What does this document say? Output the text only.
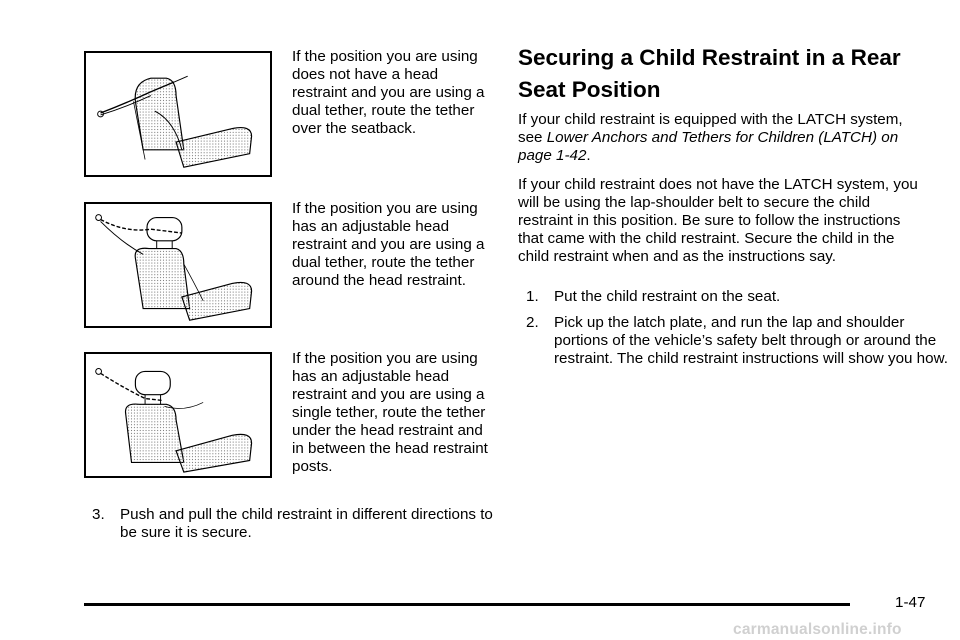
If the position you are using does not have a head restraint and you are using a dual tether, route the tether over the seatback.
If the position you are using has an adjustable head restraint and you are using a dual tether, route the tether around the head restraint.
If the position you are using has an adjustable head restraint and you are using a single tether, route the tether under the head restraint and in between the head restraint posts.
3. Push and pull the child restraint in different directions to be sure it is secure.
Securing a Child Restraint in a Rear Seat Position
If your child restraint is equipped with the LATCH system, see Lower Anchors and Tethers for Children (LATCH) on page 1-42.
If your child restraint does not have the LATCH system, you will be using the lap-shoulder belt to secure the child restraint in this position. Be sure to follow the instructions that came with the child restraint. Secure the child in the child restraint when and as the instructions say.
1. Put the child restraint on the seat.
2. Pick up the latch plate, and run the lap and shoulder portions of the vehicle’s safety belt through or around the restraint. The child restraint instructions will show you how.
1-47
carmanualsonline.info
